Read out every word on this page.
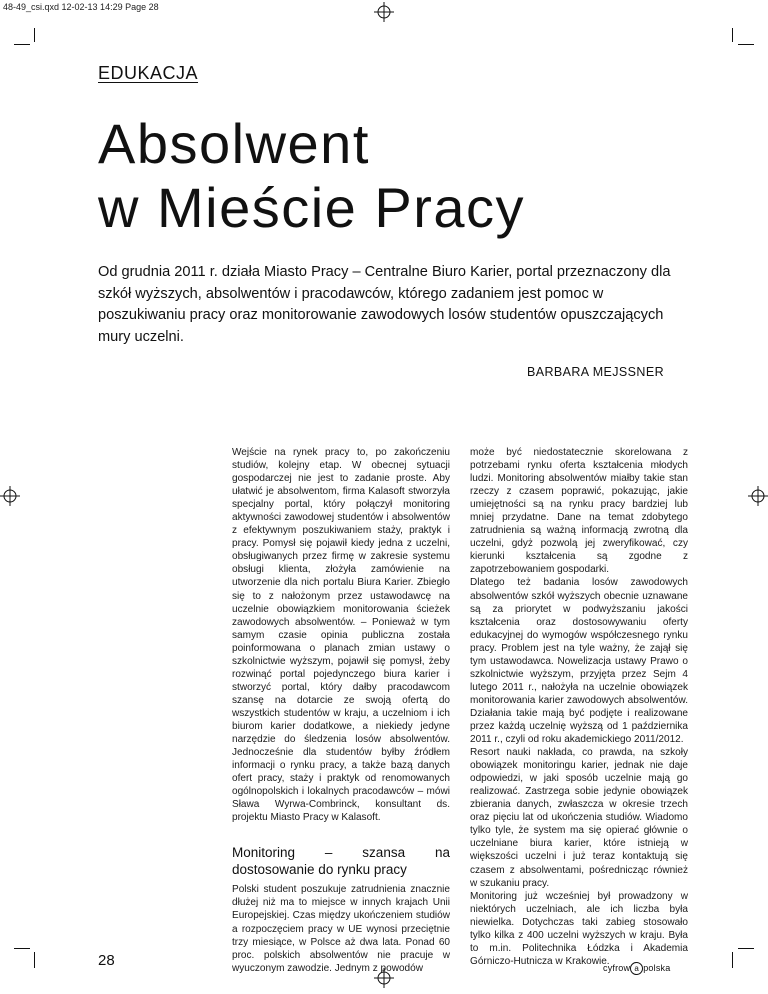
48-49_csi.qxd 12-02-13 14:29 Page 28
EDUKACJA
Absolwent
w Mieście Pracy

Od grudnia 2011 r. działa Miasto Pracy – Centralne Biuro Karier, portal przeznaczony dla szkół wyższych, absolwentów i pracodawców, którego zadaniem jest pomoc w poszukiwaniu pracy oraz monitorowanie zawodowych losów studentów opuszczających mury uczelni.

BARBARA MEJSSNER

Wejście na rynek pracy to, po zakończeniu studiów, kolejny etap. W obecnej sytuacji gospodarczej nie jest to zadanie proste. Aby ułatwić je absolwentom, firma Kalasoft stworzyła specjalny portal, który połączył monitoring aktywności zawodowej studentów i absolwentów z efektywnym poszukiwaniem staży, praktyk i pracy. Pomysł się pojawił kiedy jedna z uczelni, obsługiwanych przez firmę w zakresie systemu obsługi klienta, złożyła zamówienie na utworzenie dla nich portalu Biura Karier. Zbiegło się to z nałożonym przez ustawodawcę na uczelnie obowiązkiem monitorowania ścieżek zawodowych absolwentów. – Ponieważ w tym samym czasie opinia publiczna została poinformowana o planach zmian ustawy o szkolnictwie wyższym, pojawił się pomysł, żeby rozwinąć portal pojedynczego biura karier i stworzyć portal, który dałby pracodawcom szansę na dotarcie ze swoją ofertą do wszystkich studentów w kraju, a uczelniom i ich biurom karier dodatkowe, a niekiedy jedyne narzędzie do śledzenia losów absolwentów. Jednocześnie dla studentów byłby źródłem informacji o rynku pracy, a także bazą danych ofert pracy, staży i praktyk od renomowanych ogólnopolskich i lokalnych pracodawców – mówi Sława Wyrwa-Combrinck, konsultant ds. projektu Miasto Pracy w Kalasoft.

Monitoring – szansa na dostosowanie do rynku pracy

Polski student poszukuje zatrudnienia znacznie dłużej niż ma to miejsce w innych krajach Unii Europejskiej. Czas między ukończeniem studiów a rozpoczęciem pracy w UE wynosi przeciętnie trzy miesiące, w Polsce aż dwa lata. Ponad 60 proc. polskich absolwentów nie pracuje w wyuczonym zawodzie. Jednym z powodów

może być niedostatecznie skorelowana z potrzebami rynku oferta kształcenia młodych ludzi. Monitoring absolwentów miałby takie stan rzeczy z czasem poprawić, pokazując, jakie umiejętności są na rynku pracy bardziej lub mniej przydatne. Dane na temat zdobytego zatrudnienia są ważną informacją zwrotną dla uczelni, gdyż pozwolą jej zweryfikować, czy kierunki kształcenia są zgodne z zapotrzebowaniem gospodarki.

Dlatego też badania losów zawodowych absolwentów szkół wyższych obecnie uznawane są za priorytet w podwyższaniu jakości kształcenia oraz dostosowywaniu oferty edukacyjnej do wymogów współczesnego rynku pracy. Problem jest na tyle ważny, że zajął się tym ustawodawca. Nowelizacja ustawy Prawo o szkolnictwie wyższym, przyjęta przez Sejm 4 lutego 2011 r., nałożyła na uczelnie obowiązek monitorowania karier zawodowych absolwentów. Działania takie mają być podjęte i realizowane przez każdą uczelnię wyższą od 1 października 2011 r., czyli od roku akademickiego 2011/2012.

Resort nauki nakłada, co prawda, na szkoły obowiązek monitoringu karier, jednak nie daje odpowiedzi, w jaki sposób uczelnie mają go realizować. Zastrzega sobie jedynie obowiązek zbierania danych, zwłaszcza w okresie trzech oraz pięciu lat od ukończenia studiów. Wiadomo tylko tyle, że system ma się opierać głównie o uczelniane biura karier, które istnieją w większości uczelni i już teraz kontaktują się czasem z absolwentami, pośrednicząc również w szukaniu pracy.

Monitoring już wcześniej był prowadzony w niektórych uczelniach, ale ich liczba była niewielka. Dotychczas taki zabieg stosowało tylko kilka z 400 uczelni wyższych w kraju. Była to m.in. Politechnika Łódzka i Akademia Górniczo-Hutnicza w Krakowie.

28	cyfrow a polska
